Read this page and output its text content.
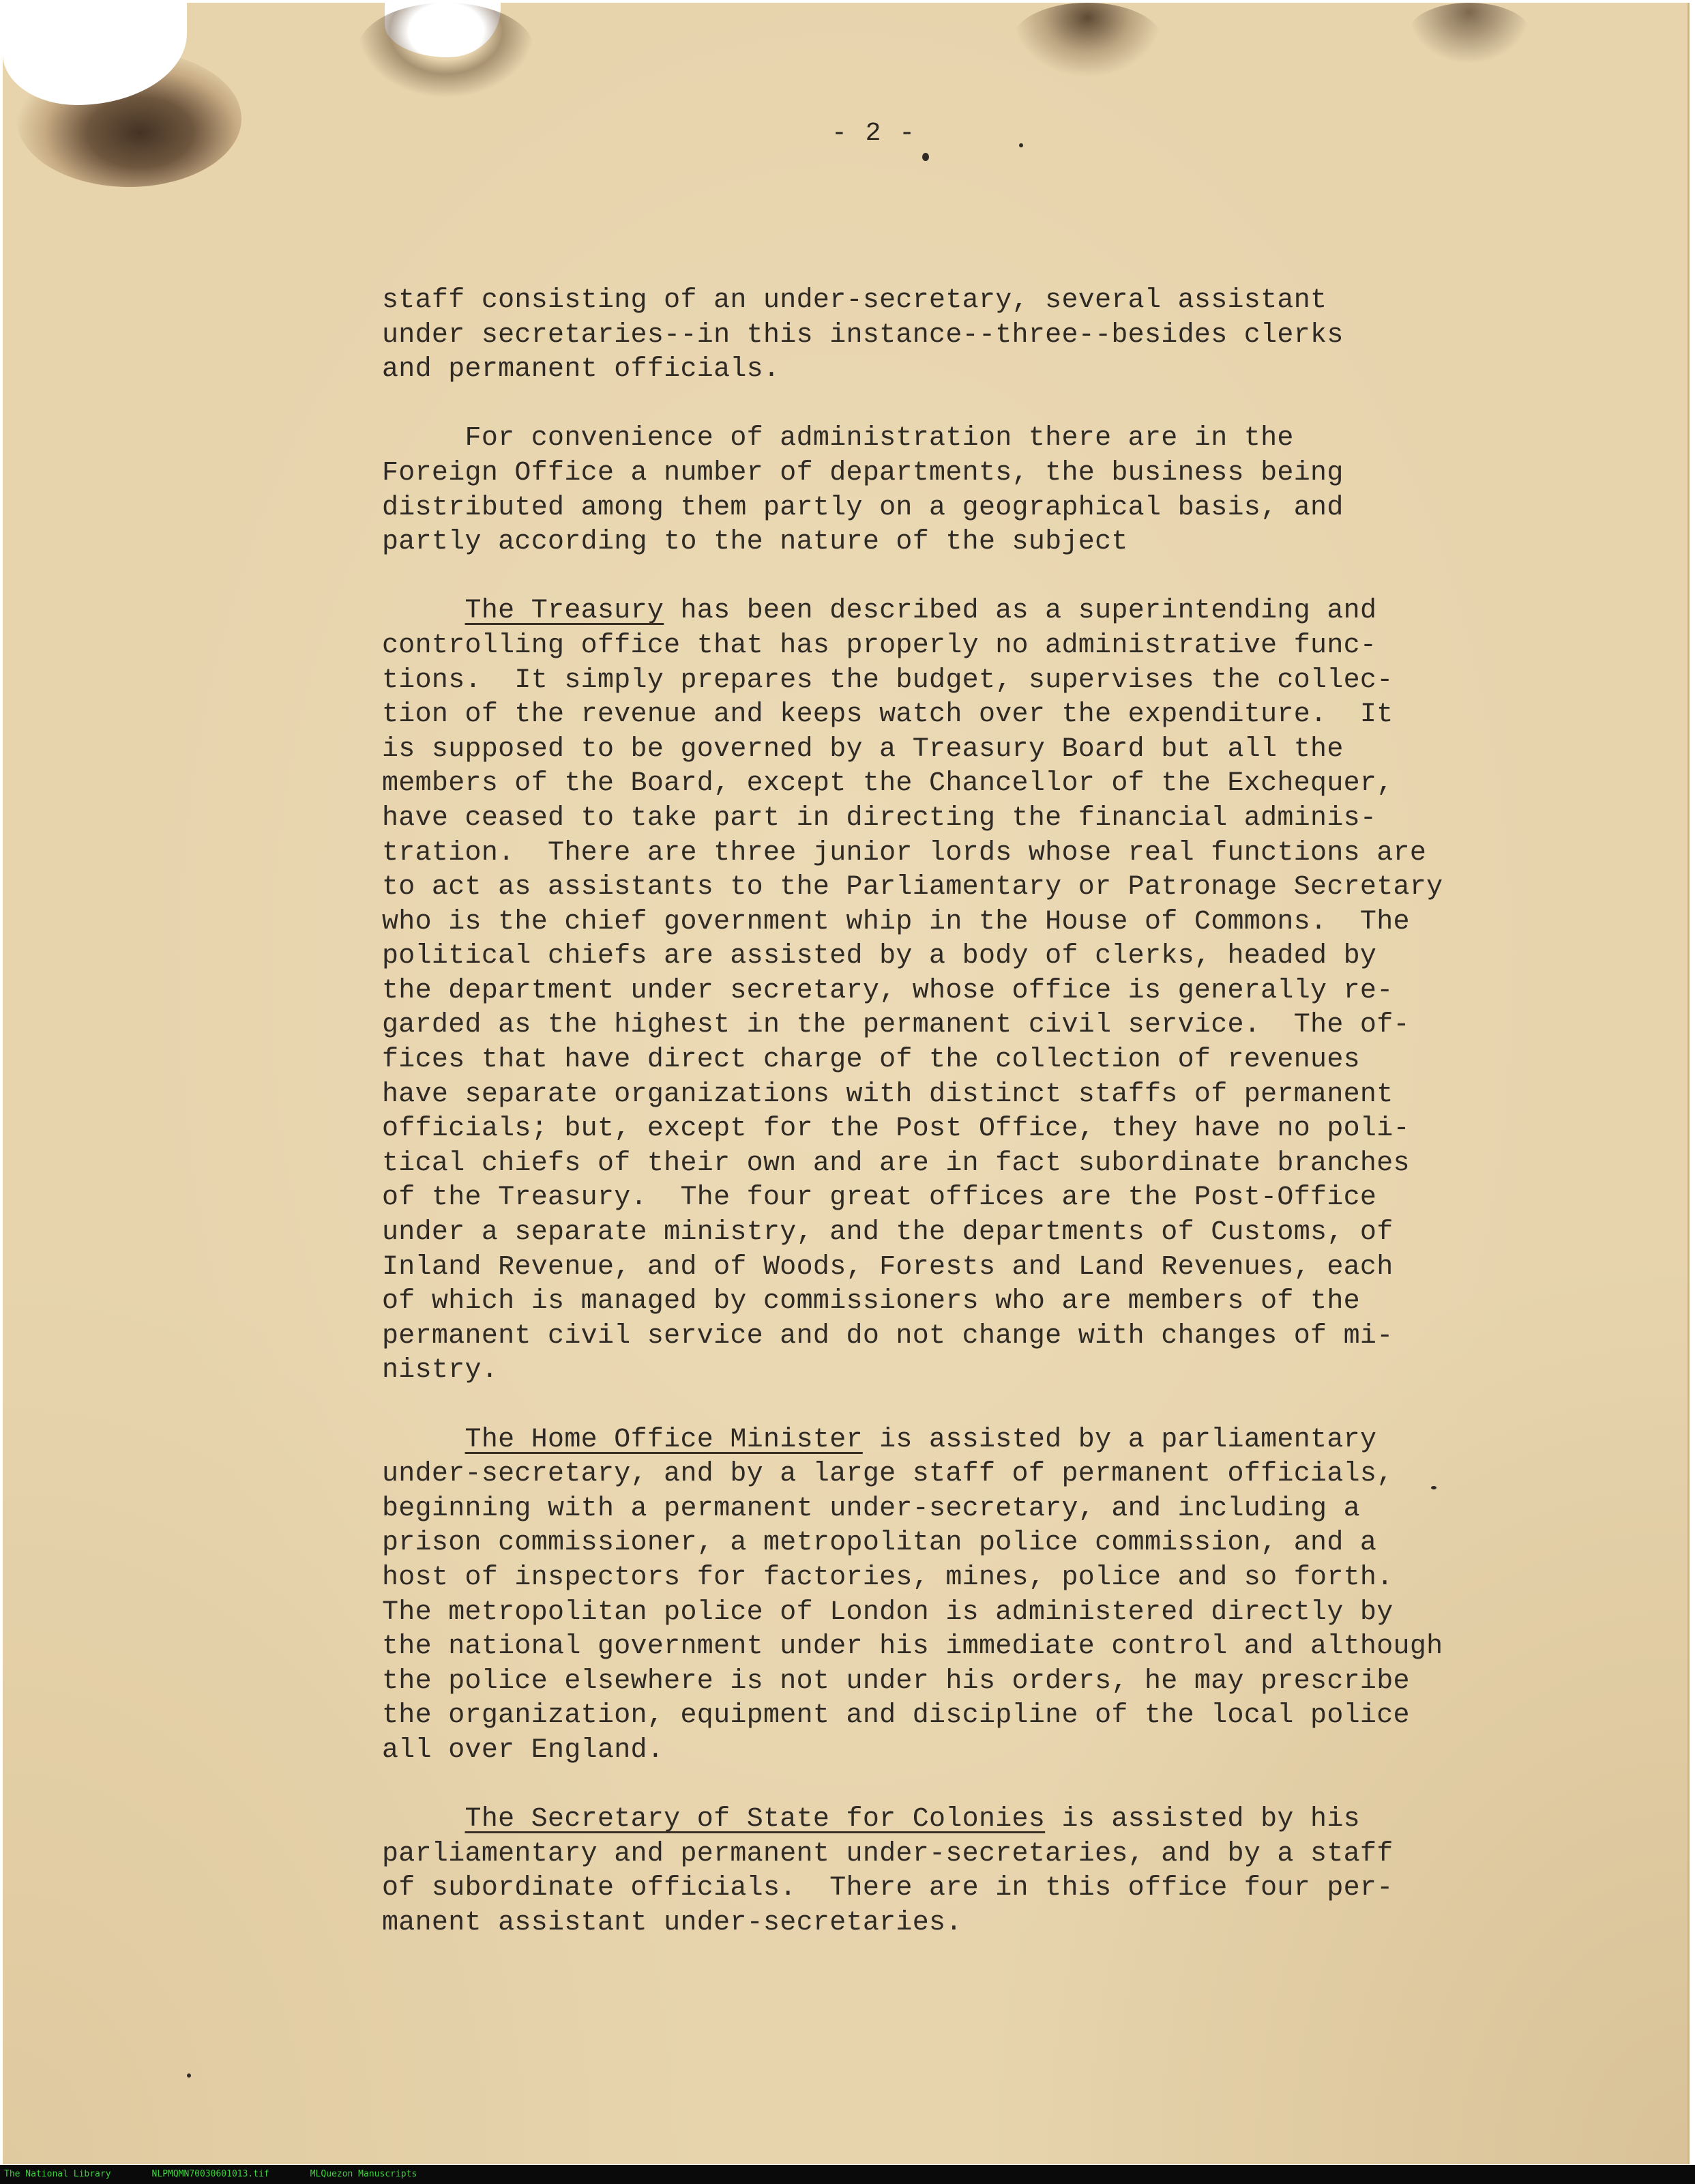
- 2 -

staff consisting of an under-secretary, several assistant
under secretaries--in this instance--three--besides clerks
and permanent officials.
For convenience of administration there are in the
Foreign Office a number of departments, the business being
distributed among them partly on a geographical basis, and
partly according to the nature of the subject
The Treasury has been described as a superintending and
controlling office that has properly no administrative func-
tions.  It simply prepares the budget, supervises the collec-
tion of the revenue and keeps watch over the expenditure.  It
is supposed to be governed by a Treasury Board but all the
members of the Board, except the Chancellor of the Exchequer,
have ceased to take part in directing the financial adminis-
tration.  There are three junior lords whose real functions are
to act as assistants to the Parliamentary or Patronage Secretary
who is the chief government whip in the House of Commons.  The
political chiefs are assisted by a body of clerks, headed by
the department under secretary, whose office is generally re-
garded as the highest in the permanent civil service.  The of-
fices that have direct charge of the collection of revenues
have separate organizations with distinct staffs of permanent
officials; but, except for the Post Office, they have no poli-
tical chiefs of their own and are in fact subordinate branches
of the Treasury.  The four great offices are the Post-Office
under a separate ministry, and the departments of Customs, of
Inland Revenue, and of Woods, Forests and Land Revenues, each
of which is managed by commissioners who are members of the
permanent civil service and do not change with changes of mi-
nistry.
The Home Office Minister is assisted by a parliamentary
under-secretary, and by a large staff of permanent officials,
beginning with a permanent under-secretary, and including a
prison commissioner, a metropolitan police commission, and a
host of inspectors for factories, mines, police and so forth.
The metropolitan police of London is administered directly by
the national government under his immediate control and although
the police elsewhere is not under his orders, he may prescribe
the organization, equipment and discipline of the local police
all over England.
The Secretary of State for Colonies is assisted by his
parliamentary and permanent under-secretaries, and by a staff
of subordinate officials.  There are in this office four per-
manent assistant under-secretaries.
The National Library	NLPMQMN70030601013.tif	MLQuezon Manuscripts
